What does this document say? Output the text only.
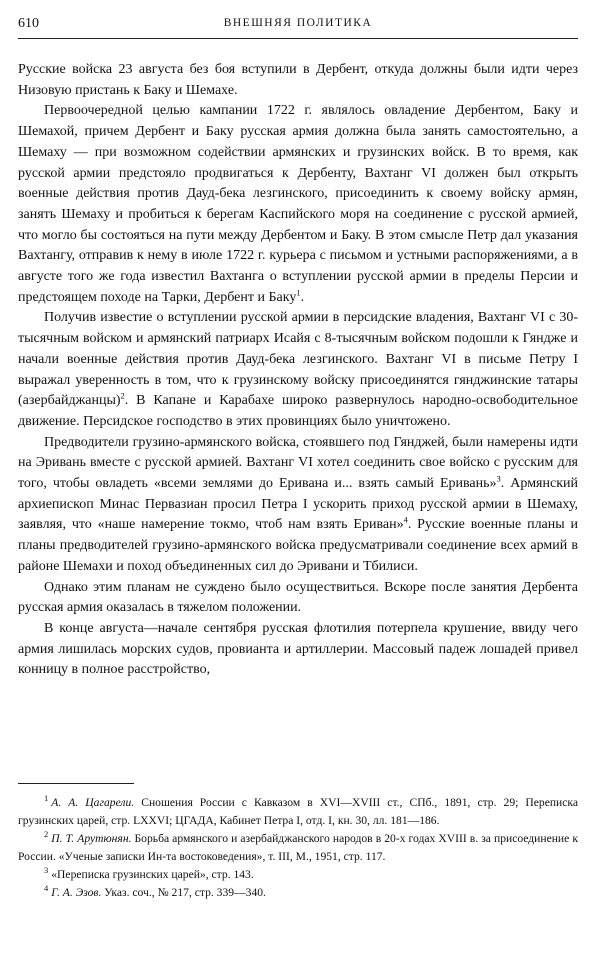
610	ВНЕШНЯЯ ПОЛИТИКА

Русские войска 23 августа без боя вступили в Дербент, откуда должны были идти через Низовую пристань к Баку и Шемахе.

Первоочередной целью кампании 1722 г. являлось овладение Дербентом, Баку и Шемахой, причем Дербент и Баку русская армия должна была занять самостоятельно, а Шемаху — при возможном содействии армянских и грузинских войск. В то время, как русской армии предстояло продвигаться к Дербенту, Вахтанг VI должен был открыть военные действия против Дауд-бека лезгинского, присоединить к своему войску армян, занять Шемаху и пробиться к берегам Каспийского моря на соединение с русской армией, что могло бы состояться на пути между Дербентом и Баку. В этом смысле Петр дал указания Вахтангу, отправив к нему в июле 1722 г. курьера с письмом и устными распоряжениями, а в августе того же года известил Вахтанга о вступлении русской армии в пределы Персии и предстоящем походе на Тарки, Дербент и Баку$^1$.

Получив известие о вступлении русской армии в персидские владения, Вахтанг VI с 30-тысячным войском и армянский патриарх Исайя с 8-тысячным войском подошли к Гяндже и начали военные действия против Дауд-бека лезгинского. Вахтанг VI в письме Петру I выражал уверенность в том, что к грузинскому войску присоединятся гянджинские татары (азербайджанцы)$^2$. В Капане и Карабахе широко развернулось народно-освободительное движение. Персидское господство в этих провинциях было уничтожено.

Предводители грузино-армянского войска, стоявшего под Гянджей, были намерены идти на Эривань вместе с русской армией. Вахтанг VI хотел соединить свое войско с русским для того, чтобы овладеть «всеми землями до Еривана и... взять самый Еривань»$^3$. Армянский архиепископ Минас Первазиан просил Петра I ускорить приход русской армии в Шемаху, заявляя, что «наше намерение токмо, чтоб нам взять Ериван»$^4$. Русские военные планы и планы предводителей грузино-армянского войска предусматривали соединение всех армий в районе Шемахи и поход объединенных сил до Эривани и Тбилиси.

Однако этим планам не суждено было осуществиться. Вскоре после занятия Дербента русская армия оказалась в тяжелом положении.

В конце августа—начале сентября русская флотилия потерпела крушение, ввиду чего армия лишилась морских судов, провианта и артиллерии. Массовый падеж лошадей привел конницу в полное расстройство,

$^1$ А. А. Цагарели. Сношения России с Кавказом в XVI—XVIII ст., СПб., 1891, стр. 29; Переписка грузинских царей, стр. LXXVI; ЦГАДА, Кабинет Петра I, отд. I, кн. 30, лл. 181—186.

$^2$ П. Т. Арутюнян. Борьба армянского и азербайджанского народов в 20-х годах XVIII в. за присоединение к России. «Ученые записки Ин-та востоковедения», т. III, М., 1951, стр. 117.

$^3$ «Переписка грузинских царей», стр. 143.

$^4$ Г. А. Эзов. Указ. соч., № 217, стр. 339—340.
